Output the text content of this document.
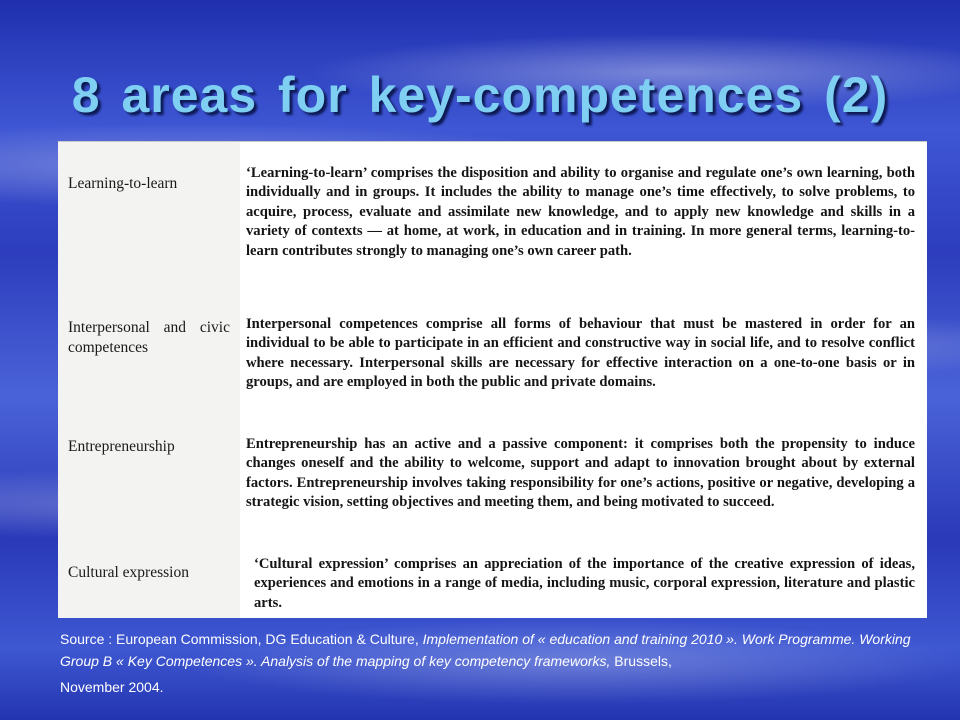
8 areas for key-competences (2)
Learning-to-learn
‘Learning-to-learn’ comprises the disposition and ability to organise and regulate one’s own learning, both individually and in groups. It includes the ability to manage one’s time effectively, to solve problems, to acquire, process, evaluate and assimilate new knowledge, and to apply new knowledge and skills in a variety of contexts — at home, at work, in education and in training. In more general terms, learning-to-learn contributes strongly to managing one’s own career path.
Interpersonal and civic competences
Interpersonal competences comprise all forms of behaviour that must be mastered in order for an individual to be able to participate in an efficient and constructive way in social life, and to resolve conflict where necessary. Interpersonal skills are necessary for effective interaction on a one-to-one basis or in groups, and are employed in both the public and private domains.
Entrepreneurship	Entrepreneurship has an active and a passive component: it comprises both the propensity to induce changes oneself and the ability to welcome, support and adapt to innovation brought about by external factors. Entrepreneurship involves taking responsibility for one’s actions, positive or negative, developing a strategic vision, setting objectives and meeting them, and being motivated to succeed.
Cultural expression	‘Cultural expression’ comprises an appreciation of the importance of the creative expression of ideas, experiences and emotions in a range of media, including music, corporal expression, literature and plastic arts.
Source : European Commission, DG Education & Culture, Implementation of « education and training 2010 ». Work Programme. Working Group B « Key Competences ». Analysis of the mapping of key competency frameworks, Brussels,
November 2004.
